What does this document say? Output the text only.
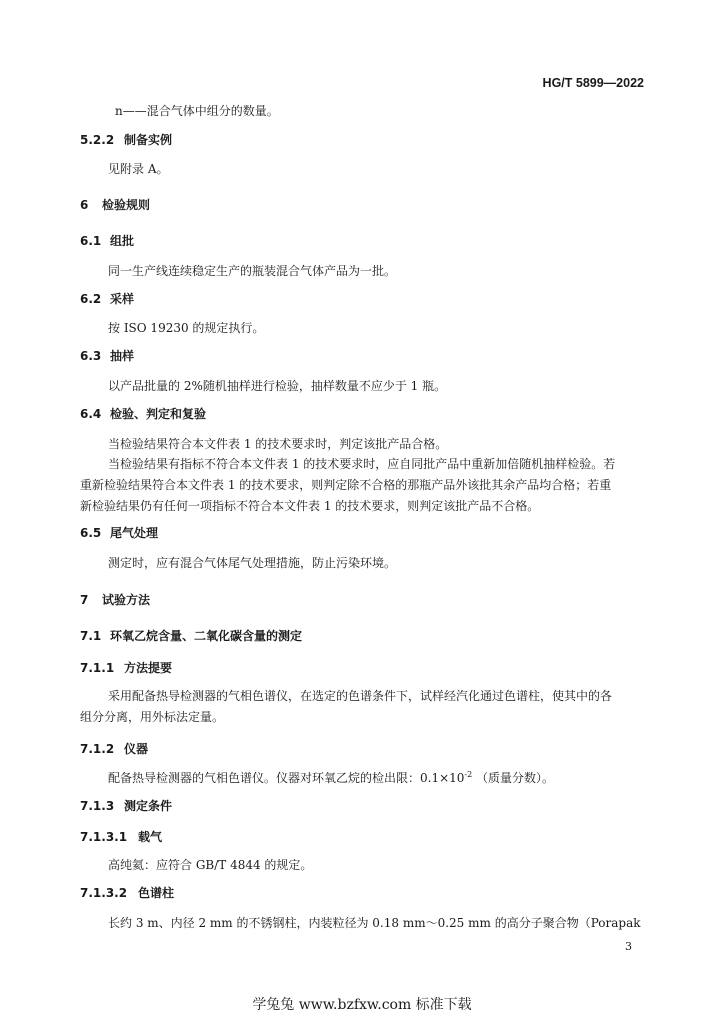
HG/T 5899—2022
n——混合气体中组分的数量。
5.2.2 制备实例
见附录 A。
6 检验规则
6.1 组批
同一生产线连续稳定生产的瓶装混合气体产品为一批。
6.2 采样
按 ISO 19230 的规定执行。
6.3 抽样
以产品批量的 2%随机抽样进行检验，抽样数量不应少于 1 瓶。
6.4 检验、判定和复验
当检验结果符合本文件表 1 的技术要求时，判定该批产品合格。
当检验结果有指标不符合本文件表 1 的技术要求时，应自同批产品中重新加倍随机抽样检验。若重新检验结果符合本文件表 1 的技术要求，则判定除不合格的那瓶产品外该批其余产品均合格；若重新检验结果仍有任何一项指标不符合本文件表 1 的技术要求，则判定该批产品不合格。
6.5 尾气处理
测定时，应有混合气体尾气处理措施，防止污染环境。
7 试验方法
7.1 环氧乙烷含量、二氧化碳含量的测定
7.1.1 方法提要
采用配备热导检测器的气相色谱仪，在选定的色谱条件下，试样经汽化通过色谱柱，使其中的各组分分离，用外标法定量。
7.1.2 仪器
配备热导检测器的气相色谱仪。仪器对环氧乙烷的检出限：$0.1\times 10^{-2}$ （质量分数）。
7.1.3 测定条件
7.1.3.1 载气
高纯氦：应符合 GB/T 4844 的规定。
7.1.3.2 色谱柱
长约 3 m、内径 2 mm 的不锈钢柱，内装粒径为 0.18 mm～0.25 mm 的高分子聚合物（Porapak
3
学兔兔 www.bzfxw.com 标准下载
